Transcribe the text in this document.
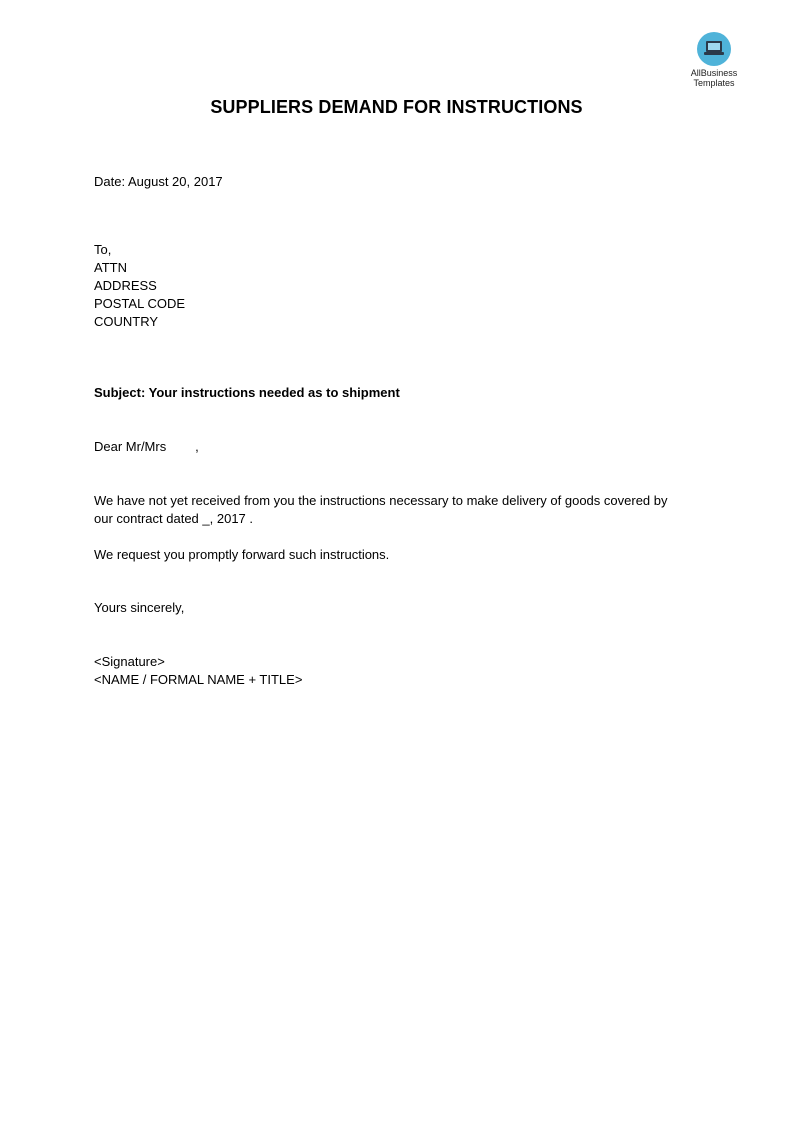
AllBusiness
Templates
SUPPLIERS DEMAND FOR INSTRUCTIONS
Date: August 20, 2017
To,
ATTN
ADDRESS
POSTAL CODE
COUNTRY
Subject: Your instructions needed as to shipment
Dear Mr/Mrs        ,
We have not yet received from you the instructions necessary to make delivery of goods covered by
our contract dated _, 2017 .
We request you promptly forward such instructions.
Yours sincerely,
<Signature>
<NAME / FORMAL NAME + TITLE>
